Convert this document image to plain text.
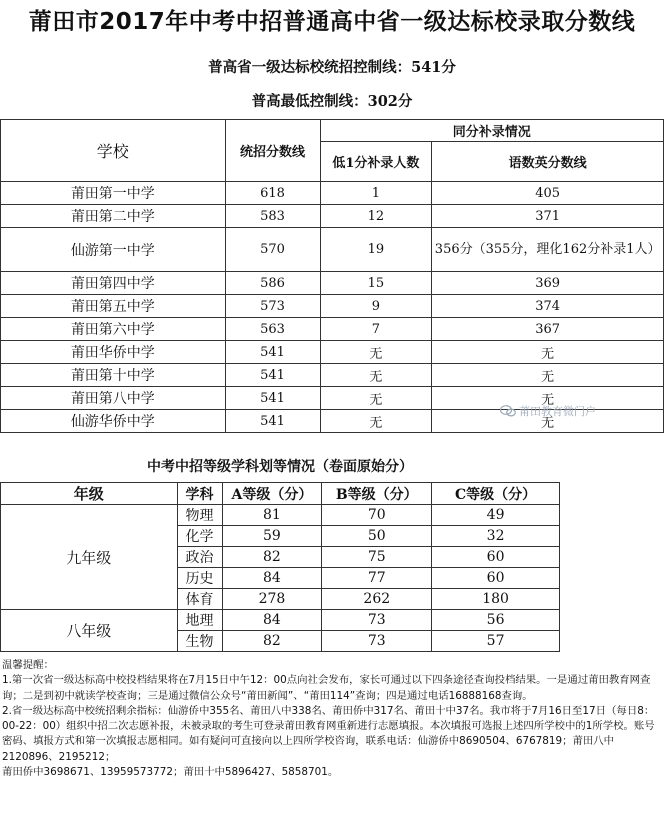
莆田市2017年中考中招普通高中省一级达标校录取分数线
普高省一级达标校统招控制线：541分
普高最低控制线：302分
学校	统招分数线	同分补录情况	
		低1分补录人数	语数英分数线
莆田第一中学	618	1	405
莆田第二中学	583	12	371
仙游第一中学	570	19	356分（355分，理化162分补录1人）
莆田第四中学	586	15	369
莆田第五中学	573	9	374
莆田第六中学	563	7	367
莆田华侨中学	541	无	无
莆田第十中学	541	无	无
莆田第八中学	541	无	无
仙游华侨中学	541	无	无
莆田教育微门户
中考中招等级学科划等情况（卷面原始分）
年级	学科	A等级（分）	B等级（分）	C等级（分）
九年级	物理	81	70	49
	化学	59	50	32
	政治	82	75	60
	历史	84	77	60
	体育	278	262	180
八年级	地理	84	73	56
	生物	82	73	57

温馨提醒：

1.第一次省一级达标高中校投档结果将在7月15日中午12：00点向社会发布，家长可通过以下四条途径查询投档结果。一是通过莆田教育网查询；二是到初中就读学校查询；三是通过微信公众号“莆田新闻”、“莆田114”查询；四是通过电话16888168查询。

2.省一级达标高中校统招剩余指标：仙游侨中355名、莆田八中338名、莆田侨中317名、莆田十中37名。我市将于7月16日至17日（每日8：00-22：00）组织中招二次志愿补报，未被录取的考生可登录莆田教育网重新进行志愿填报。本次填报可选报上述四所学校中的1所学校。账号密码、填报方式和第一次填报志愿相同。如有疑问可直接向以上四所学校咨询，联系电话：仙游侨中8690504、6767819；莆田八中2120896、2195212；

莆田侨中3698671、13959573772；莆田十中5896427、5858701。
